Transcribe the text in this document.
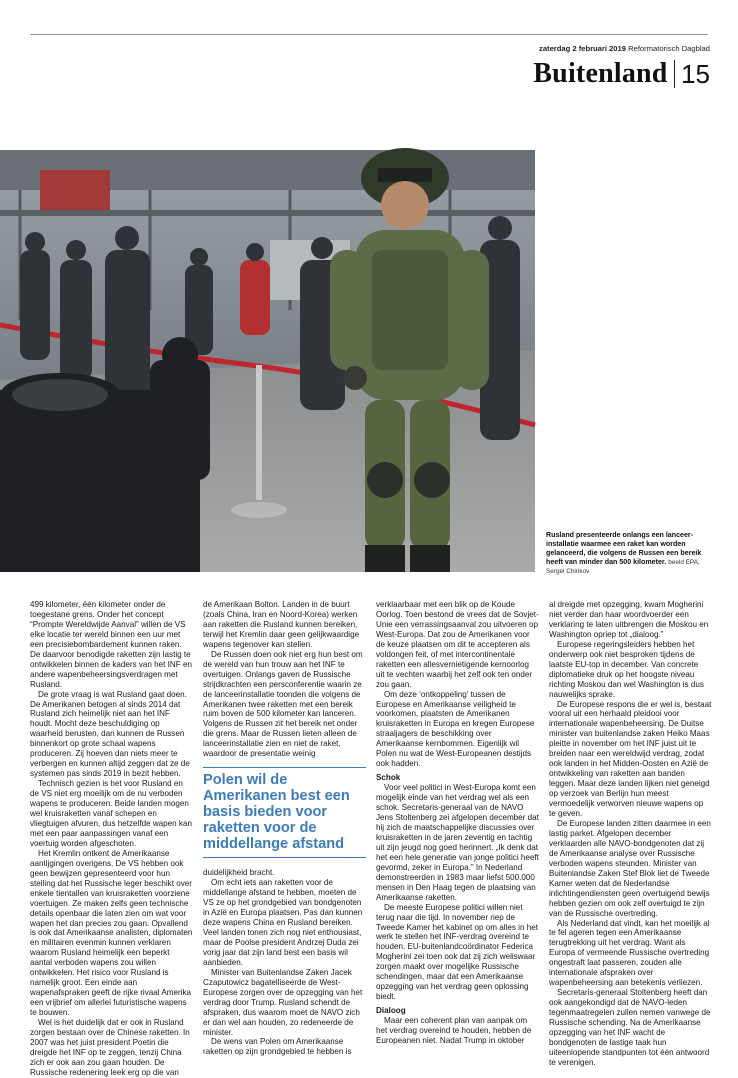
zaterdag 2 februari 2019 Reformatorisch Dagblad
Buitenland 15
Rusland presenteerde onlangs een lanceerinstallatie waarmee een raket kan worden gelanceerd, die volgens de Russen een bereik heeft van minder dan 500 kilometer. beeld EPA, Sergei Chirikov

499 kilometer, één kilometer onder de toegestane grens. Onder het concept “Prompte Wereldwijde Aanval” willen de VS elke locatie ter wereld binnen een uur met een precisiebombardement kunnen raken. De daarvoor benodigde raketten zijn lastig te ontwikkelen binnen de kaders van het INF en andere wapenbeheersingsverdragen met Rusland.

De grote vraag is wat Rusland gaat doen. De Amerikanen betogen al sinds 2014 dat Rusland zich heimelijk niet aan het INF houdt. Mocht deze beschuldiging op waarheid berusten, dan kunnen de Russen binnenkort op grote schaal wapens produceren. Zij hoeven dan niets meer te verbergen en kunnen altijd zeggen dat ze de systemen pas sinds 2019 in bezit hebben.

Technisch gezien is het voor Rusland en de VS niet erg moeilijk om de nu verboden wapens te produceren. Beide landen mogen wel kruisraketten vanaf schepen en vliegtuigen afvuren, dus hetzelfde wapen kan met een paar aanpassingen vanaf een voertuig worden afgeschoten.

Het Kremlin ontkent de Amerikaanse aantijgingen overigens. De VS hebben ook geen bewijzen gepresenteerd voor hun stelling dat het Russische leger beschikt over enkele tientallen van kruisraketten voorziene voertuigen. Ze maken zelfs geen technische details openbaar die laten zien om wat voor wapen het dan precies zou gaan. Opvallend is ook dat Amerikaanse analisten, diplomaten en militairen evenmin kunnen verklaren waarom Rusland heimelijk een beperkt aantal verboden wapens zou willen ontwikkelen. Het risico voor Rusland is namelijk groot. Een einde aan wapenafspraken geeft de rijke rivaal Amerika een vrijbrief om allerlei futuristische wapens te bouwen.

Wel is het duidelijk dat er ook in Rusland zorgen bestaan over de Chinese raketten. In 2007 was het juist president Poetin die dreigde het INF op te zeggen, tenzij China zich er ook aan zou gaan houden. De Russische redenering leek erg op die van

de Amerikaan Bolton. Landen in de buurt (zoals China, Iran en Noord-Korea) werken aan raketten die Rusland kunnen bereiken, terwijl het Kremlin daar geen gelijkwaardige wapens tegenover kan stellen.

De Russen doen ook niet erg hun best om de wereld van hun trouw aan het INF te overtuigen. Onlangs gaven de Russische strijdkrachten een persconferentie waarin ze de lanceerinstallatie toonden die volgens de Amerikanen twee raketten met een bereik ruim boven de 500 kilometer kan lanceren. Volgens de Russen zit het bereik net onder die grens. Maar de Russen lieten alleen de lanceerinstallatie zien en niet de raket, waardoor de presentatie weinig

Polen wil de Amerikanen best een basis bieden voor raketten voor de middellange afstand

duidelijkheid bracht.

Om echt iets aan raketten voor de middellange afstand te hebben, moeten de VS ze op het grondgebied van bondgenoten in Azië en Europa plaatsen. Pas dan kunnen deze wapens China en Rusland bereiken. Veel landen tonen zich nog niet enthousiast, maar de Poolse president Andrzej Duda zei vorig jaar dat zijn land best een basis wil aanbieden.

Minister van Buitenlandse Zaken Jacek Czaputowicz bagatelliseerde de West-Europese zorgen over de opzegging van het verdrag door Trump. Rusland schendt de afspraken, dus waarom moet de NAVO zich er dan wel aan houden, zo redeneerde de minister.

De wens van Polen om Amerikaanse raketten op zijn grondgebied te hebben is

verklaarbaar met een blik op de Koude Oorlog. Toen bestond de vrees dat de Sovjet-Unie een verrassingsaanval zou uitvoeren op West-Europa. Dat zou de Amerikanen voor de keuze plaatsen om dit te accepteren als voldongen feit, of met intercontinentale raketten een allesvernietigende kernoorlog uit te vechten waarbij het zelf ook ten onder zou gaan.

Om deze ‘ontkoppeling’ tussen de Europese en Amerikaanse veiligheid te voorkomen, plaatsten de Amerikanen kruisraketten in Europa en kregen Europese straaljagers de beschikking over Amerikaanse kernbommen. Eigenlijk wil Polen nu wat de West-Europeanen destijds ook hadden.

Schok

Voor veel politici in West-Europa komt een mogelijk einde van het verdrag wel als een schok. Secretaris-generaal van de NAVO Jens Stoltenberg zei afgelopen december dat hij zich de maatschappelijke discussies over kruisraketten in de jaren zeventig en tachtig uit zijn jeugd nog goed herinnert. „Ik denk dat het een hele generatie van jonge politici heeft gevormd, zeker in Europa.” In Nederland demonstreerden in 1983 maar liefst 500.000 mensen in Den Haag tegen de plaatsing van Amerikaanse raketten.

De meeste Europese politici willen niet terug naar die tijd. In november riep de Tweede Kamer het kabinet op om alles in het werk te stellen het INF-verdrag overeind te houden. EU-buitenlandcoördinator Federica Mogherini zei toen ook dat zij zich weliswaar zorgen maakt over mogelijke Russische schendingen, maar dat een Amerikaanse opzegging van het verdrag geen oplossing biedt.

Dialoog

Maar een coherent plan van aanpak om het verdrag overeind te houden, hebben de Europeanen niet. Nadat Trump in oktober

al dreigde met opzegging, kwam Mogherini niet verder dan haar woordvoerder een verklaring te laten uitbrengen die Moskou en Washington opriep tot „dialoog.”

Europese regeringsleiders hebben het onderwerp ook niet besproken tijdens de laatste EU-top in december. Van concrete diplomatieke druk op het hoogste niveau richting Moskou dan wel Washington is dus nauwelijks sprake.

De Europese respons die er wel is, bestaat vooral uit een herhaald pleidooi voor internationale wapenbeheersing. De Duitse minister van buitenlandse zaken Heiko Maas pleitte in november om het INF juist uit te breiden naar een wereldwijd verdrag, zodat ook landen in het Midden-Oosten en Azië de ontwikkeling van raketten aan banden leggen. Maar deze landen lijken niet geneigd op verzoek van Berlijn hun meest vermoedelijk verworven nieuwe wapens op te geven.

De Europese landen zitten daarmee in een lastig parket. Afgelopen december verklaarden alle NAVO-bondgenoten dat zij de Amerikaanse analyse over Russische verboden wapens steunden. Minister van Buitenlandse Zaken Stef Blok liet de Tweede Kamer weten dat de Nederlandse inlichtingendiensten geen overtuigend bewijs hebben gezien om ook zelf overtuigd te zijn van de Russische overtreding.

Als Nederland dat vindt, kan het moeilijk al te fel ageren tegen een Amerikaanse terugtrekking uit het verdrag. Want als Europa of vermeende Russische overtreding ongestraft laat passeren, zouden alle internationale afspraken over wapenbeheersing aan betekenis verliezen.

Secretaris-generaal Stoltenberg heeft dan ook aangekondigd dat de NAVO-leden tegenmaatregelen zullen nemen vanwege de Russische schending. Na de Amerikaanse opzegging van het INF wacht de bondgenoten de lastige taak hun uiteenlopende standpunten tot één antwoord te verenigen.
